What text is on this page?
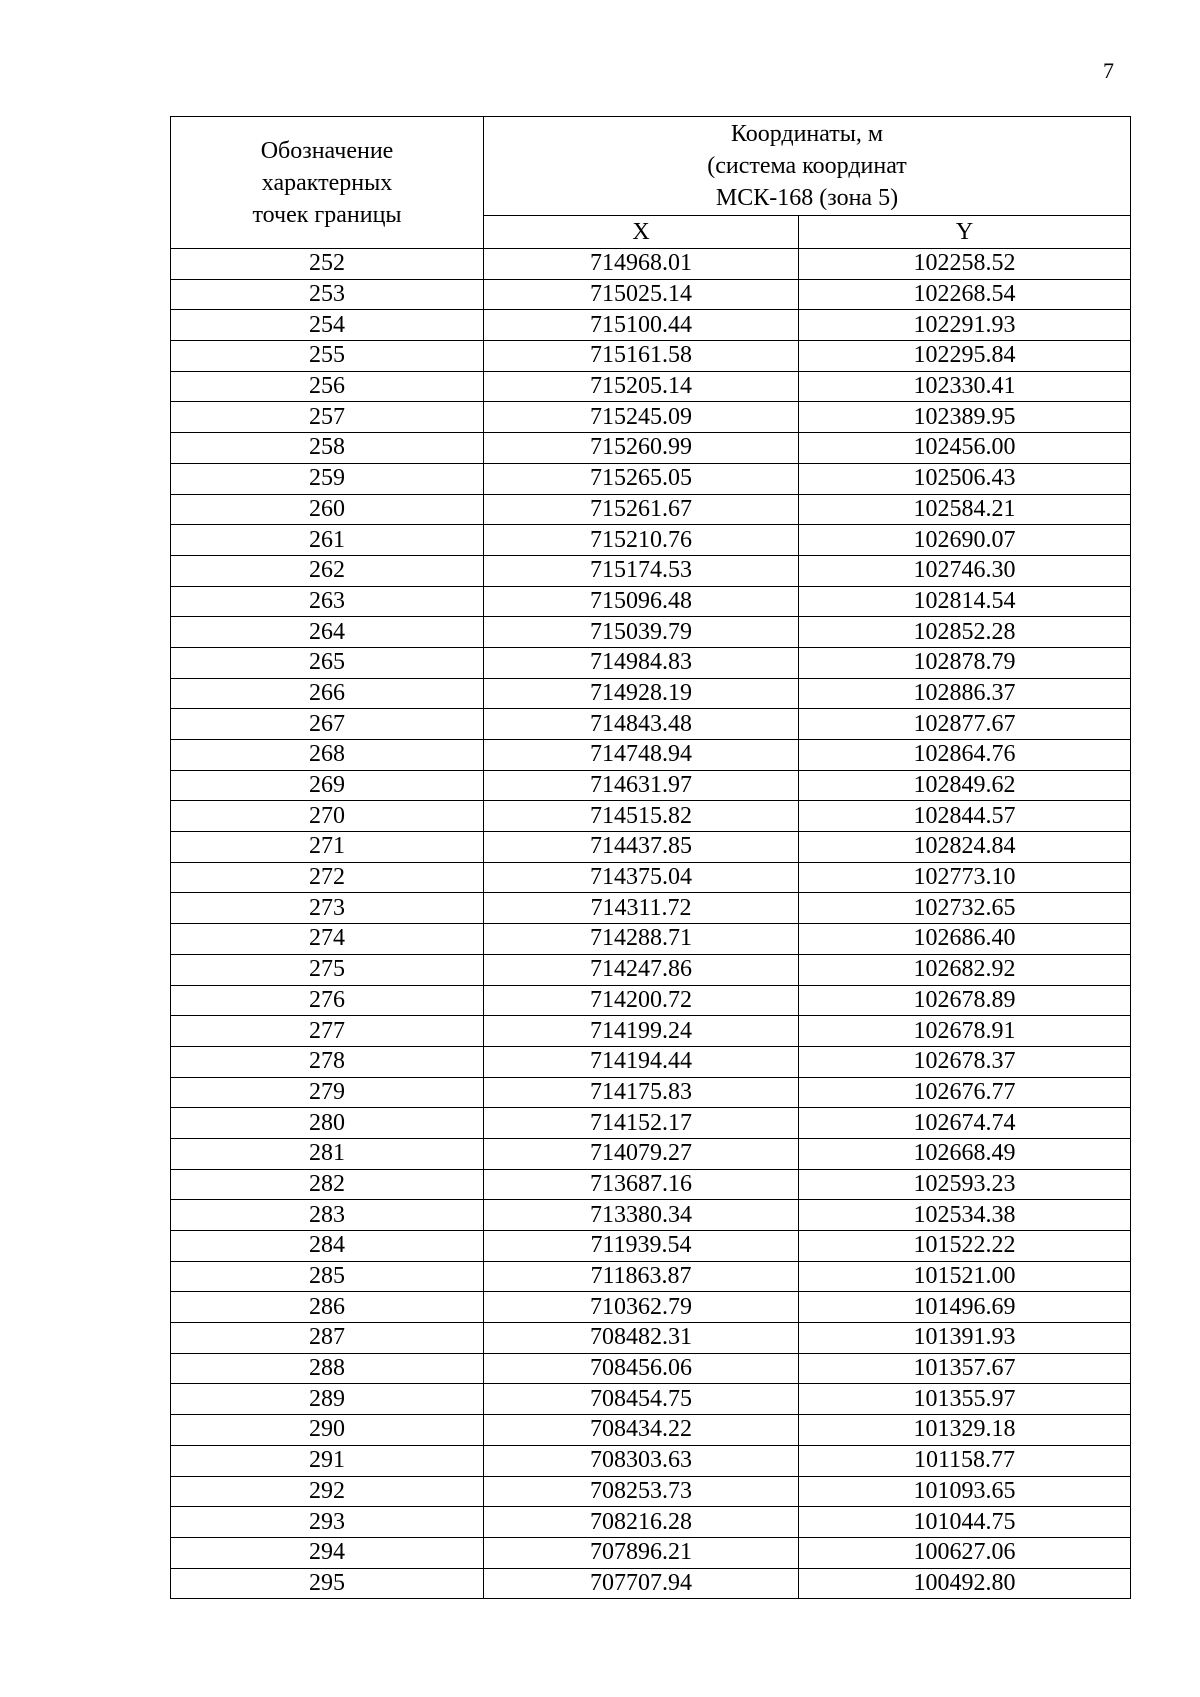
7
Обозначение
характерных
точек границы	Координаты, м
(система координат
МСК-168 (зона 5)	

	X	Y
252	714968.01	102258.52
253	715025.14	102268.54
254	715100.44	102291.93
255	715161.58	102295.84
256	715205.14	102330.41
257	715245.09	102389.95
258	715260.99	102456.00
259	715265.05	102506.43
260	715261.67	102584.21
261	715210.76	102690.07
262	715174.53	102746.30
263	715096.48	102814.54
264	715039.79	102852.28
265	714984.83	102878.79
266	714928.19	102886.37
267	714843.48	102877.67
268	714748.94	102864.76
269	714631.97	102849.62
270	714515.82	102844.57
271	714437.85	102824.84
272	714375.04	102773.10
273	714311.72	102732.65
274	714288.71	102686.40
275	714247.86	102682.92
276	714200.72	102678.89
277	714199.24	102678.91
278	714194.44	102678.37
279	714175.83	102676.77
280	714152.17	102674.74
281	714079.27	102668.49
282	713687.16	102593.23
283	713380.34	102534.38
284	711939.54	101522.22
285	711863.87	101521.00
286	710362.79	101496.69
287	708482.31	101391.93
288	708456.06	101357.67
289	708454.75	101355.97
290	708434.22	101329.18
291	708303.63	101158.77
292	708253.73	101093.65
293	708216.28	101044.75
294	707896.21	100627.06
295	707707.94	100492.80
